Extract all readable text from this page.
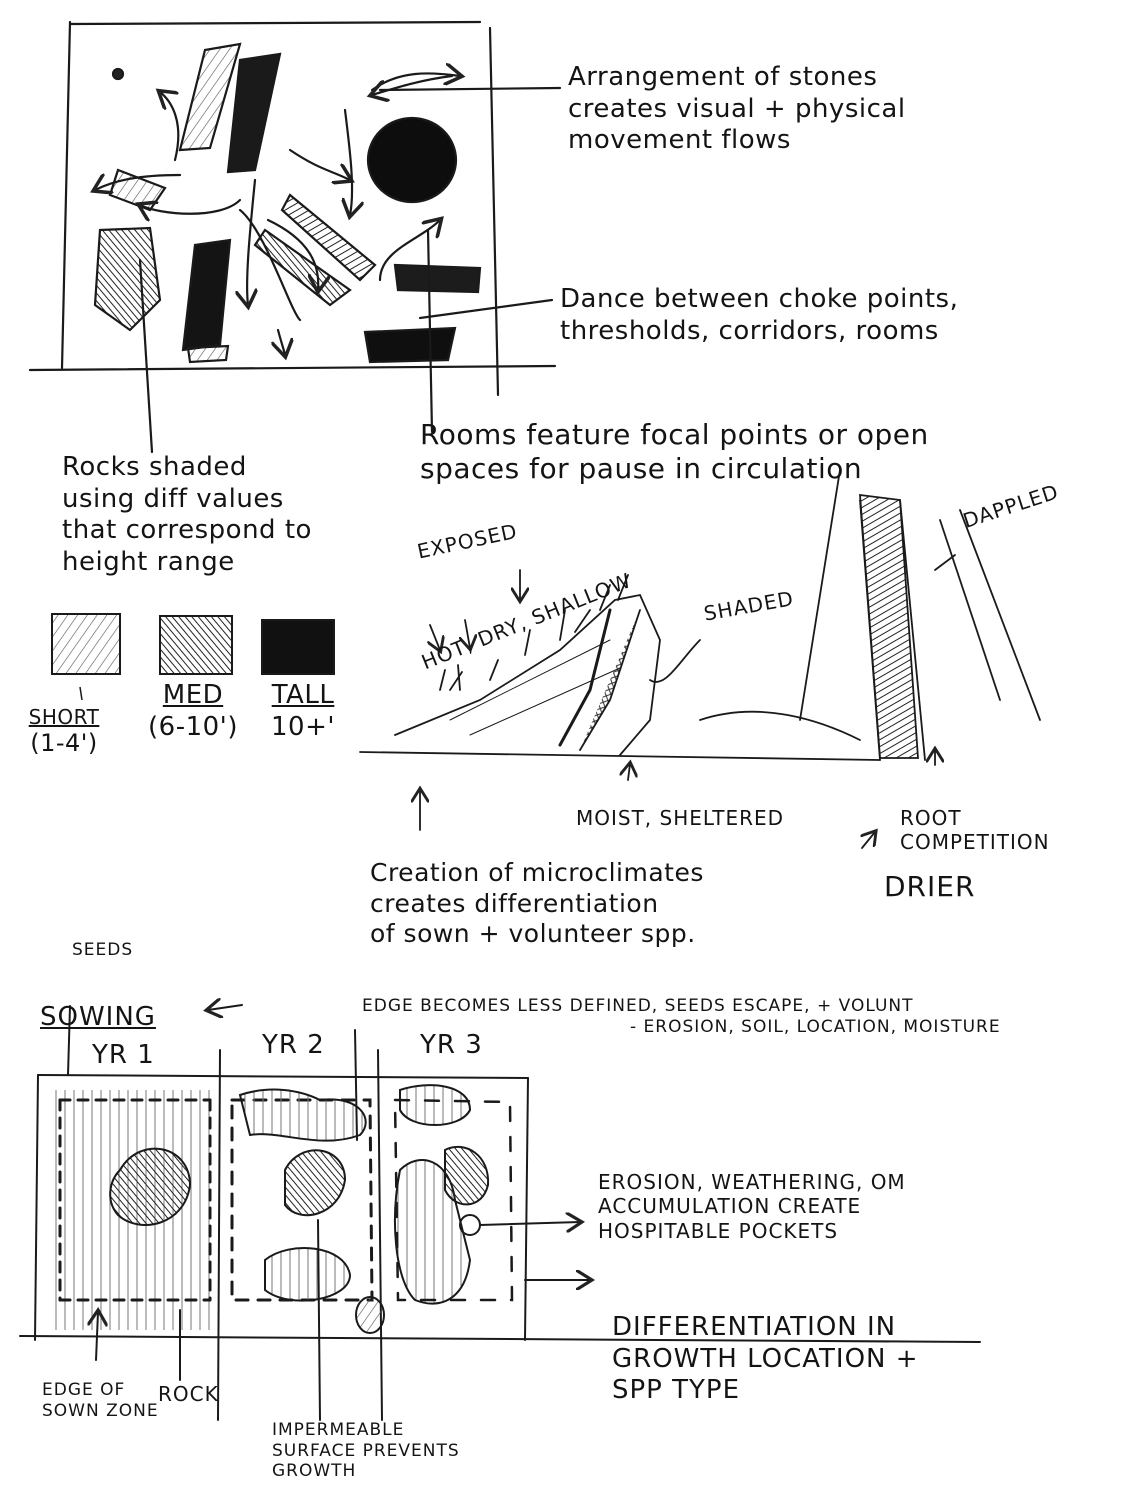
Arrangement of stones
creates visual + physical
movement flows
Dance between choke points,
thresholds, corridors, rooms
Rooms feature focal points or open
spaces for pause in circulation
Rocks shaded
using diff values
that correspond to
height range
SHORT
(1-4')
MED
(6-10')
TALL
10+'
EXPOSED
HOT, DRY, SHALLOW	SHADED
DAPPLED
MOIST, SHELTERED	ROOT
COMPETITION
DRIER
Creation of microclimates
creates differentiation
of sown + volunteer spp.
SEEDS
SOWING
YR 1	YR 2	YR 3
EDGE BECOMES LESS DEFINED, SEEDS ESCAPE, + VOLUNT
- EROSION, SOIL, LOCATION, MOISTURE
EROSION, WEATHERING, OM
ACCUMULATION CREATE
HOSPITABLE POCKETS
DIFFERENTIATION IN
GROWTH LOCATION +
SPP TYPE
EDGE OF
SOWN ZONE
ROCK
IMPERMEABLE
SURFACE PREVENTS
GROWTH
